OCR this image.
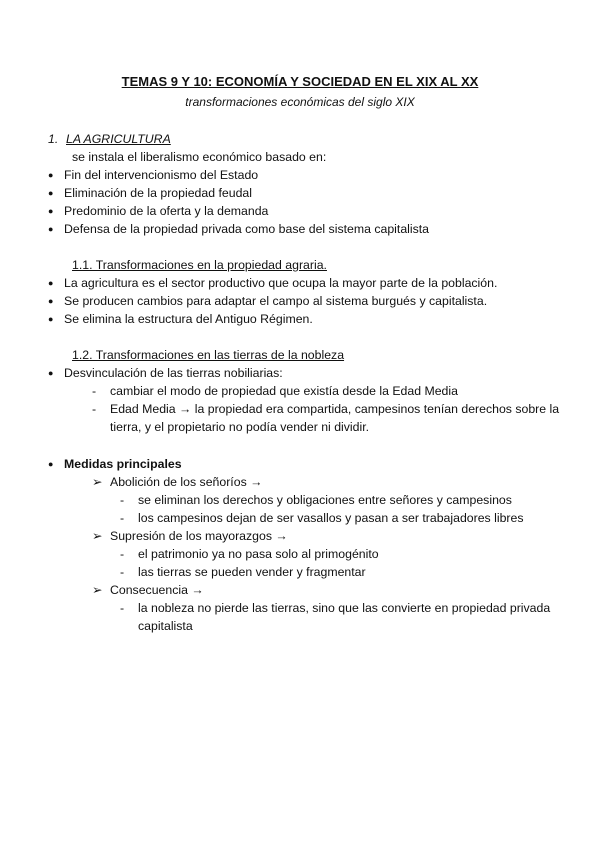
TEMAS 9 Y 10: ECONOMÍA Y SOCIEDAD EN EL XIX AL XX
transformaciones económicas del siglo XIX
1. LA AGRICULTURA
se instala el liberalismo económico basado en:
● Fin del intervencionismo del Estado
● Eliminación de la propiedad feudal
● Predominio de la oferta y la demanda
● Defensa de la propiedad privada como base del sistema capitalista
1.1. Transformaciones en la propiedad agraria.
● La agricultura es el sector productivo que ocupa la mayor parte de la población.
● Se producen cambios para adaptar el campo al sistema burgués y capitalista.
● Se elimina la estructura del Antiguo Régimen.
1.2. Transformaciones en las tierras de la nobleza
● Desvinculación de las tierras nobiliarias:
-	cambiar el modo de propiedad que existía desde la Edad Media
-	Edad Media → la propiedad era compartida, campesinos tenían derechos sobre la
tierra, y el propietario no podía vender ni dividir.
● Medidas principales
➢ Abolición de los señoríos →
-	se eliminan los derechos y obligaciones entre señores y campesinos
-	los campesinos dejan de ser vasallos y pasan a ser trabajadores libres
➢ Supresión de los mayorazgos →
-	el patrimonio ya no pasa solo al primogénito
-	las tierras se pueden vender y fragmentar
➢ Consecuencia →
-	la nobleza no pierde las tierras, sino que las convierte en propiedad privada
capitalista
